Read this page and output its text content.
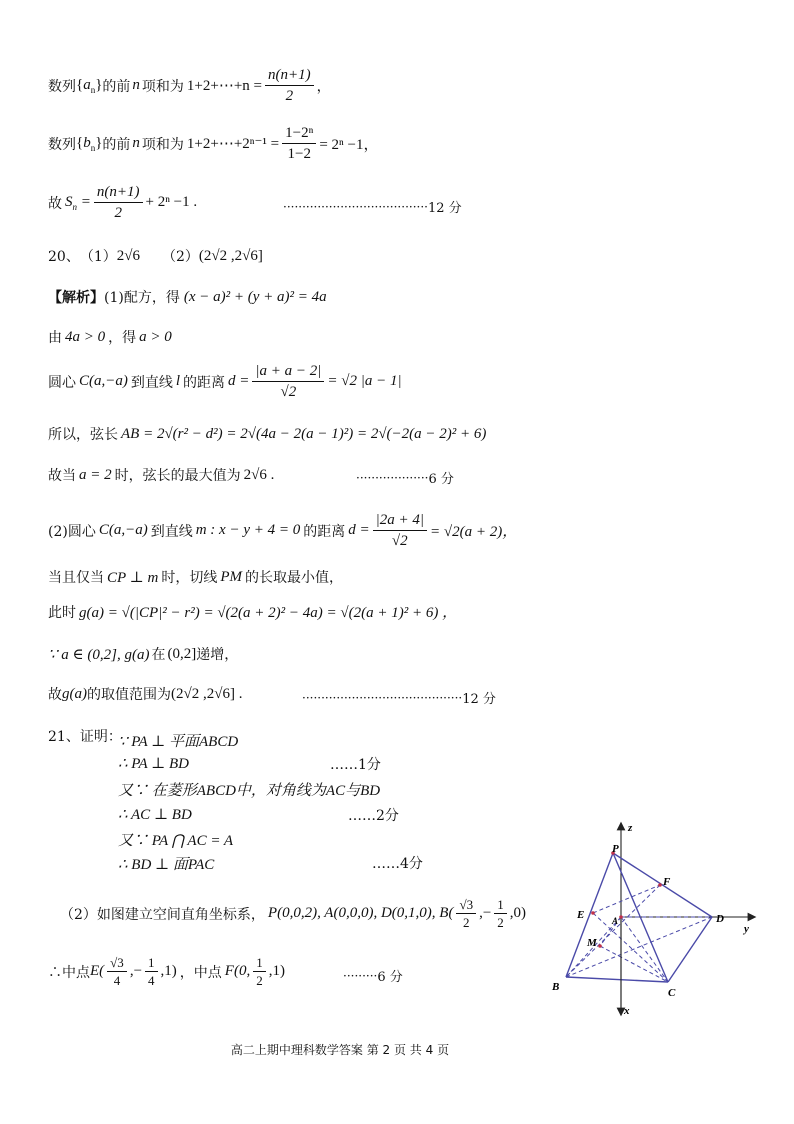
数列 $\{a_n\}$ 的前 n 项和为 1+2+⋯+n = $\frac{n(n+1)}{2}$ ，
数列 $\{b_n\}$ 的前 n 项和为 1+2+⋯+2ⁿ⁻¹ = $\frac{\text{1−2ⁿ}}{1-2} = 2^n -1$，
故 $S_n = \frac{n(n+1)}{2} + 2^n -1$ .	······································ 12 分
20、 （1） 2√6 （2） (2√2 ,2√6]
【解析】 (1)配方，得 (x − a)² + (y + a)² = 4a
由 4a > 0 ，得 a > 0
圆心 C(a,−a) 到直线 l 的距离 $d = \frac{|a + a - 2|}{√2} = √2$ |a − 1|
所以，弦长 AB = 2√(r² − d²) = 2√(4a − 2(a − 1)²) = 2√(−2(a − 2)² + 6)
故当 a = 2 时，弦长的最大值为 2√6 .	··················· 6 分
(2)圆心 C(a,−a) 到直线 m : x − y + 4 = 0 的距离 $d = \frac{|2a + 4|}{√2} = √2(a + 2)$，
当且仅当 CP ⊥ m 时，切线 PM 的长取最小值，
此时 g(a) = √(|CP|² − r²) = √(2(a + 2)² − 4a) = √(2(a + 1)² + 6) ，
∵ a ∈ (0,2], g(a) 在 (0,2] 递增，
故 g(a) 的取值范围为 (2√2 ,2√6] .	·········································· 12 分
21、证明：
∵ PA ⊥ 平面ABCD
∴ PA ⊥ BD	……1分
又∵ 在菱形ABCD中，对角线为AC与BD
∴ AC ⊥ BD	……2分
又∵ PA ⋂ AC = A
∴ BD ⊥ 面PAC	……4分
（2）如图建立空间直角坐标系， P(0,0,2), A(0,0,0), D(0,1,0), $B( \frac{√3}{2}$ ,− $\frac{1}{2} ,0$)
∴中点 $E( \frac{√3}{4}$ ,− $\frac{1}{4} ,1$) ，中点 F(0, $\frac{1}{2} ,1$)	········· 6 分
z
P
F
E	A	D
y
M
B	C
x
高二上期中理科数学答案 第 2 页 共 4 页
